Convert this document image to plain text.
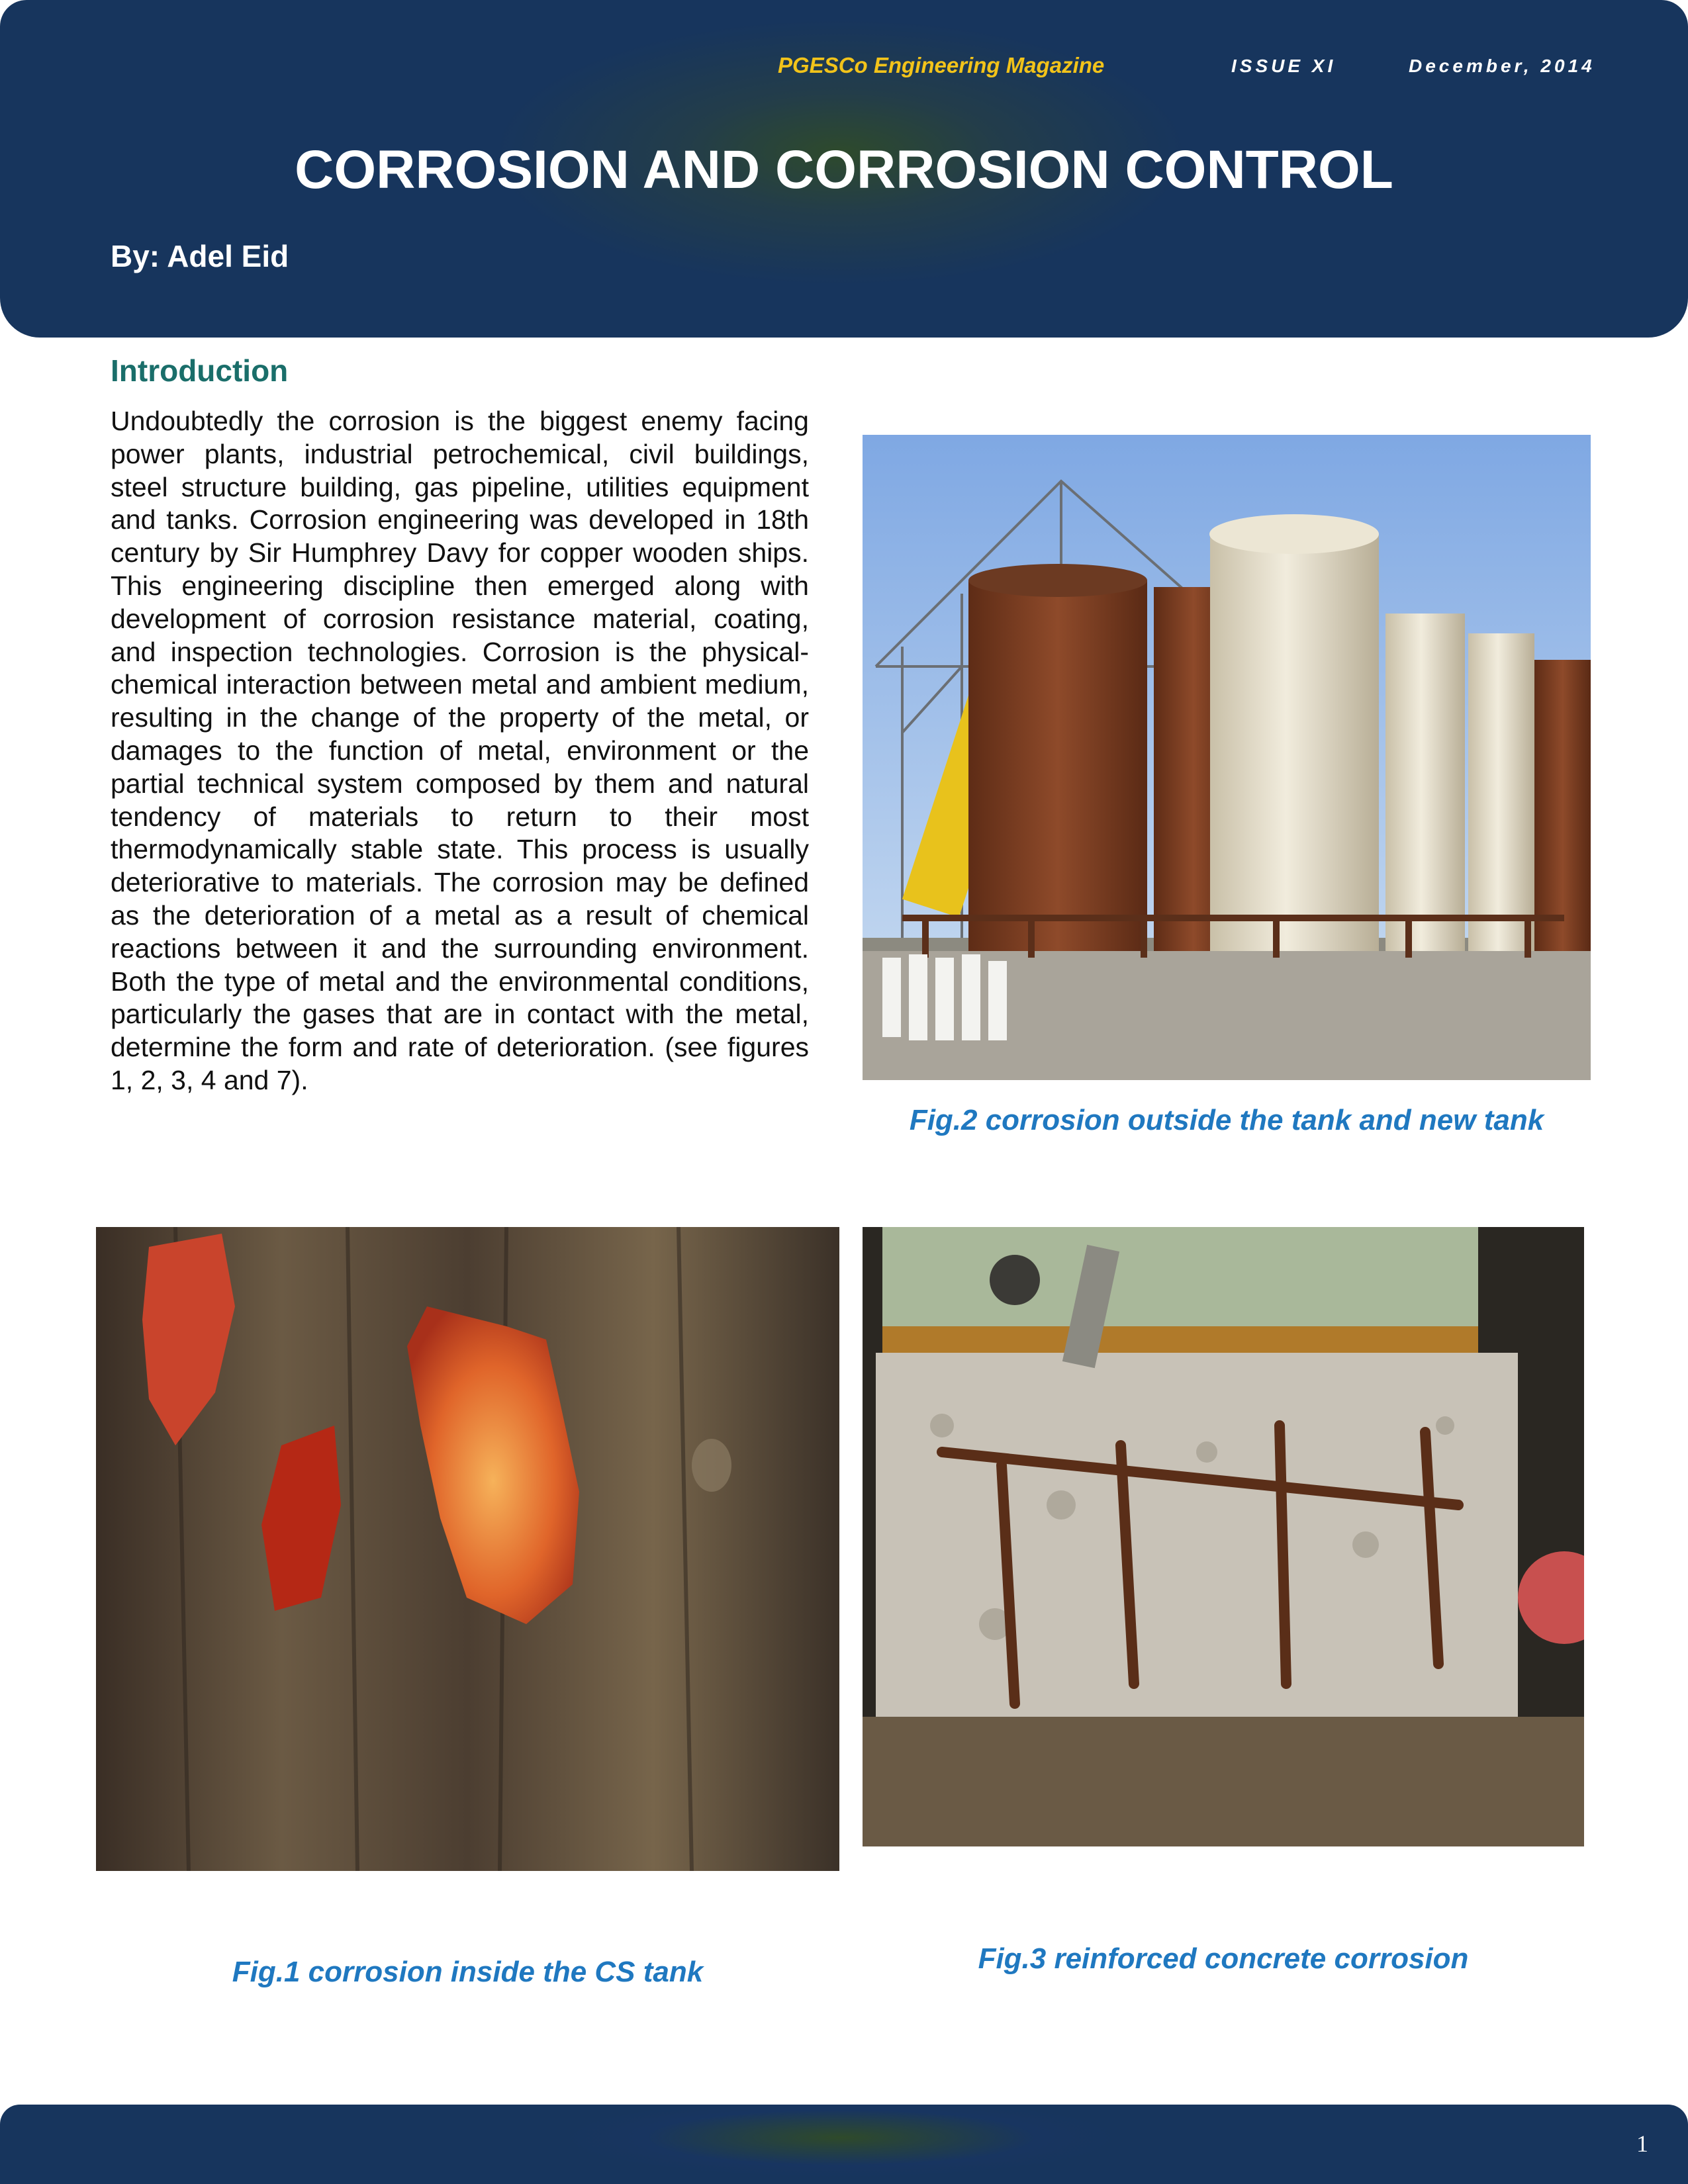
PGESCo Engineering Magazine	ISSUE XI	December, 2014

CORROSION AND CORROSION CONTROL

By: Adel Eid

Introduction

Undoubtedly the corrosion is the biggest enemy facing power plants, industrial petrochemical, civil buildings, steel structure building, gas pipeline, utilities equipment and tanks. Corrosion engineering was developed in 18th century by Sir Humphrey Davy for copper wooden ships. This engineering discipline then emerged along with development of corrosion resistance material, coating, and inspection technologies. Corrosion is the physical-chemical interaction between metal and ambient medium, resulting in the change of the property of the metal, or damages to the function of metal, environment or the partial technical system composed by them and natural tendency of materials to return to their most thermodynamically stable state. This process is usually deteriorative to materials. The corrosion may be defined as the deterioration of a metal as a result of chemical reactions between it and the surrounding environment. Both the type of metal and the environmental conditions, particularly the gases that are in contact with the metal, determine the form and rate of deterioration. (see figures 1, 2, 3, 4 and 7).

Fig.2 corrosion outside the tank and new tank

Fig.1 corrosion inside the CS tank	Fig.3 reinforced concrete corrosion

1
